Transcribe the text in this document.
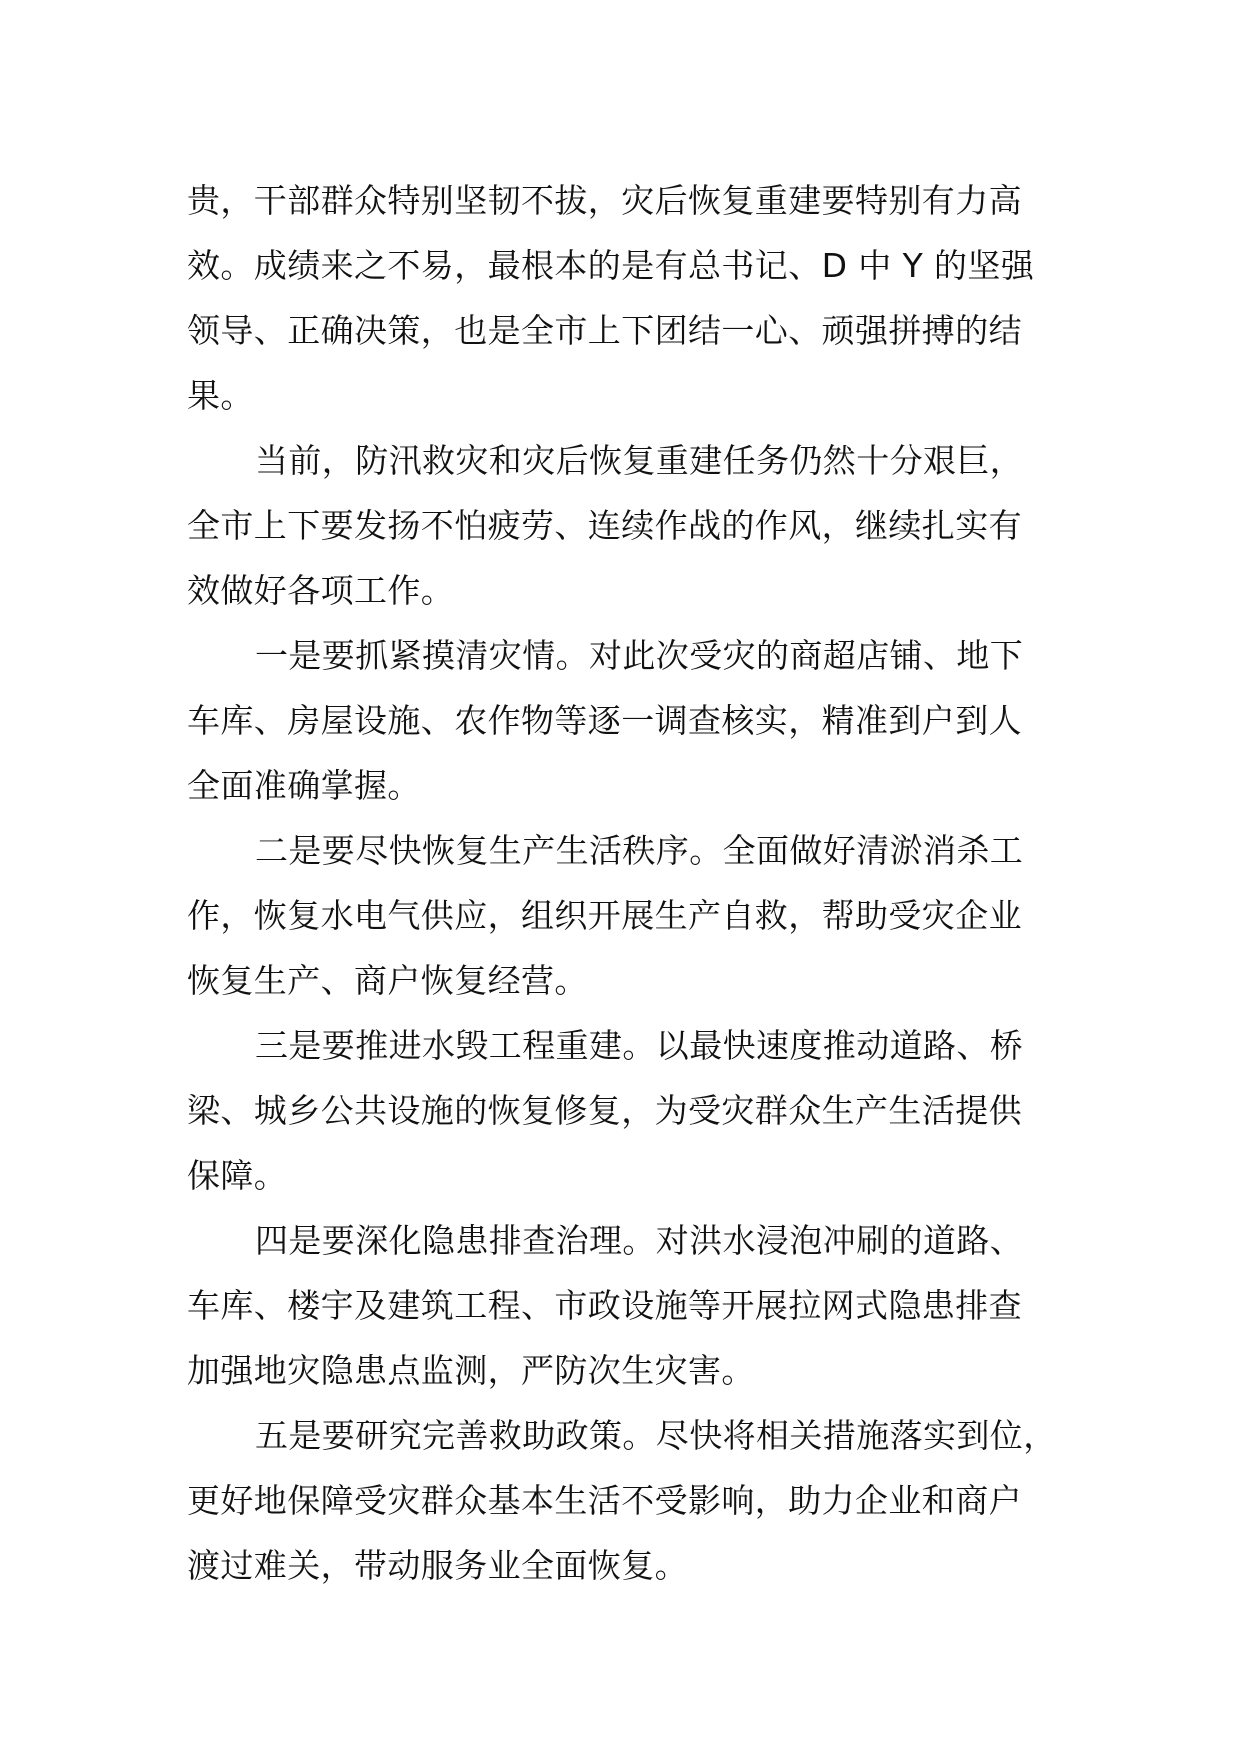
贵，干部群众特别坚韧不拔，灾后恢复重建要特别有力高
效。成绩来之不易，最根本的是有总书记、D 中 Y 的坚强
领导、正确决策，也是全市上下团结一心、顽强拼搏的结
果。
当前，防汛救灾和灾后恢复重建任务仍然十分艰巨，
全市上下要发扬不怕疲劳、连续作战的作风，继续扎实有
效做好各项工作。
一是要抓紧摸清灾情。对此次受灾的商超店铺、地下
车库、房屋设施、农作物等逐一调查核实，精准到户到人
全面准确掌握。
二是要尽快恢复生产生活秩序。全面做好清淤消杀工
作，恢复水电气供应，组织开展生产自救，帮助受灾企业
恢复生产、商户恢复经营。
三是要推进水毁工程重建。以最快速度推动道路、桥
梁、城乡公共设施的恢复修复，为受灾群众生产生活提供
保障。
四是要深化隐患排查治理。对洪水浸泡冲刷的道路、
车库、楼宇及建筑工程、市政设施等开展拉网式隐患排查
加强地灾隐患点监测，严防次生灾害。
五是要研究完善救助政策。尽快将相关措施落实到位，
更好地保障受灾群众基本生活不受影响，助力企业和商户
渡过难关，带动服务业全面恢复。
